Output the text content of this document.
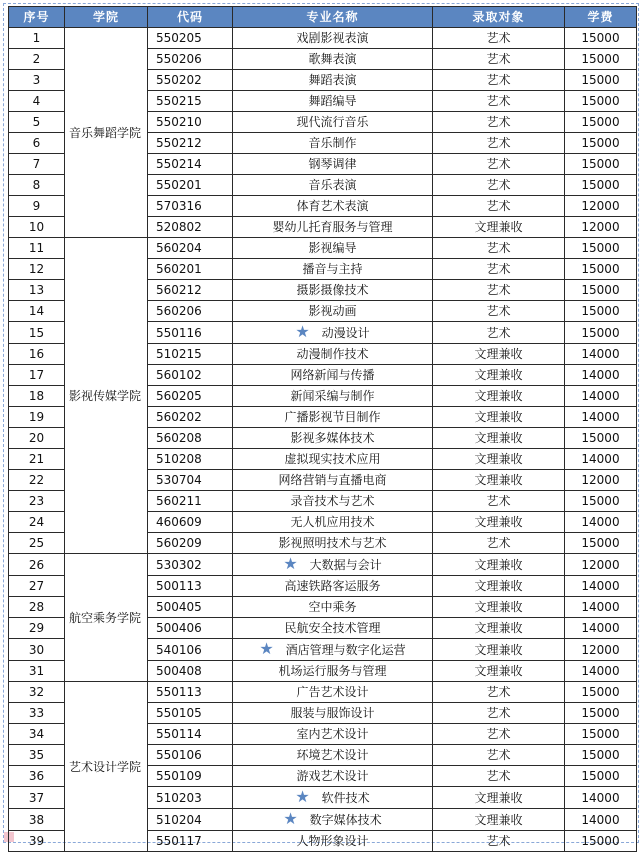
序号	学院	代码	专业名称	录取对象	学费
1	音乐舞蹈学院	550205	戏剧影视表演	艺术	15000
2		550206	歌舞表演	艺术	15000
3		550202	舞蹈表演	艺术	15000
4		550215	舞蹈编导	艺术	15000
5		550210	现代流行音乐	艺术	15000
6		550212	音乐制作	艺术	15000
7		550214	钢琴调律	艺术	15000
8		550201	音乐表演	艺术	15000
9		570316	体育艺术表演	艺术	12000
10		520802	婴幼儿托育服务与管理	文理兼收	12000
11	影视传媒学院	560204	影视编导	艺术	15000
12		560201	播音与主持	艺术	15000
13		560212	摄影摄像技术	艺术	15000
14		560206	影视动画	艺术	15000
15		550116	★ 动漫设计	艺术	15000
16		510215	动漫制作技术	文理兼收	14000
17		560102	网络新闻与传播	文理兼收	14000
18		560205	新闻采编与制作	文理兼收	14000
19		560202	广播影视节目制作	文理兼收	14000
20		560208	影视多媒体技术	文理兼收	15000
21		510208	虚拟现实技术应用	文理兼收	14000
22		530704	网络营销与直播电商	文理兼收	12000
23		560211	录音技术与艺术	艺术	15000
24		460609	无人机应用技术	文理兼收	14000
25		560209	影视照明技术与艺术	艺术	15000
26	航空乘务学院	530302	★ 大数据与会计	文理兼收	12000
27		500113	高速铁路客运服务	文理兼收	14000
28		500405	空中乘务	文理兼收	14000
29		500406	民航安全技术管理	文理兼收	14000
30		540106	★ 酒店管理与数字化运营	文理兼收	12000
31		500408	机场运行服务与管理	文理兼收	14000
32	艺术设计学院	550113	广告艺术设计	艺术	15000
33		550105	服装与服饰设计	艺术	15000
34		550114	室内艺术设计	艺术	15000
35		550106	环境艺术设计	艺术	15000
36		550109	游戏艺术设计	艺术	15000
37		510203	★ 软件技术	文理兼收	14000
38		510204	★ 数字媒体技术	文理兼收	14000
39		550117	人物形象设计	艺术	15000
